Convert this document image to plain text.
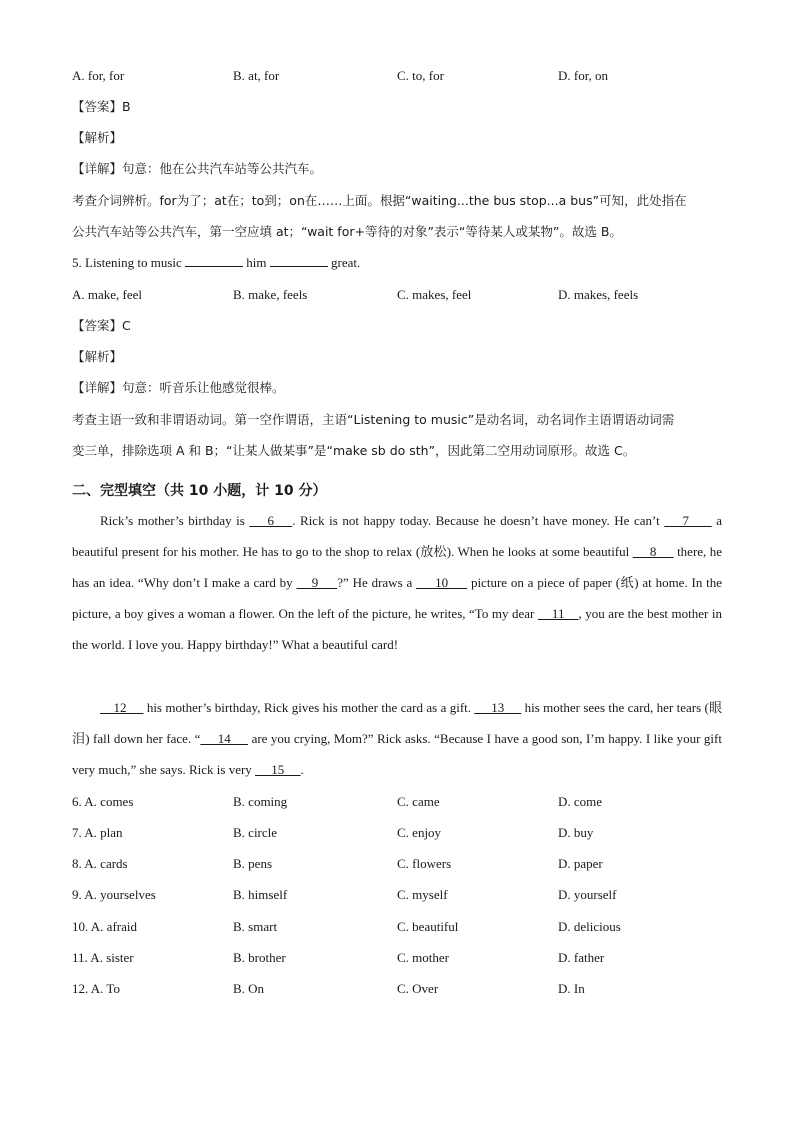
A. for, for	B. at, for	C. to, for	D. for, on
【答案】B
【解析】
【详解】句意：他在公共汽车站等公共汽车。
考查介词辨析。for为了；at在；to到；on在……上面。根据“waiting...the bus stop...a bus”可知，此处指在
公共汽车站等公共汽车，第一空应填 at；“wait for+等待的对象”表示“等待某人或某物”。故选 B。
5. Listening to music	him	great.
A. make, feel	B. make, feels	C. makes, feel	D. makes, feels
【答案】C
【解析】
【详解】句意：听音乐让他感觉很棒。
考查主语一致和非谓语动词。第一空作谓语，主语“Listening to music”是动名词，动名词作主语谓语动词需
变三单，排除选项 A 和 B；“让某人做某事”是“make sb do sth”，因此第二空用动词原形。故选 C。
二、完型填空（共 10 小题，计 10 分）
Rick’s mother’s birthday is     6    . Rick is not happy today. Because he doesn’t have money. He can’t     7      a beautiful present for his mother. He has to go to the shop to relax (放松). When he looks at some beautiful      8      there, he has an idea. “Why don’t I make a card by     9     ?” He draws a      10      picture on a piece of paper (纸) at home. In the picture, a boy gives a woman a flower. On the left of the picture, he writes, “To my dear     11    , you are the best mother in the world. I love you. Happy birthday!” What a beautiful card!
12      his mother’s birthday, Rick gives his mother the card as a gift.      13      his mother sees the card, her tears (眼泪) fall down her face. “     14      are you crying, Mom?” Rick asks. “Because I have a good son, I’m happy. I like your gift very much,” she says. Rick is very      15     .
6. A. comes	B. coming	C. came	D. come
7. A. plan	B. circle	C. enjoy	D. buy
8. A. cards	B. pens	C. flowers	D. paper
9. A. yourselves	B. himself	C. myself	D. yourself
10. A. afraid	B. smart	C. beautiful	D. delicious
11. A. sister	B. brother	C. mother	D. father
12. A. To	B. On	C. Over	D. In
